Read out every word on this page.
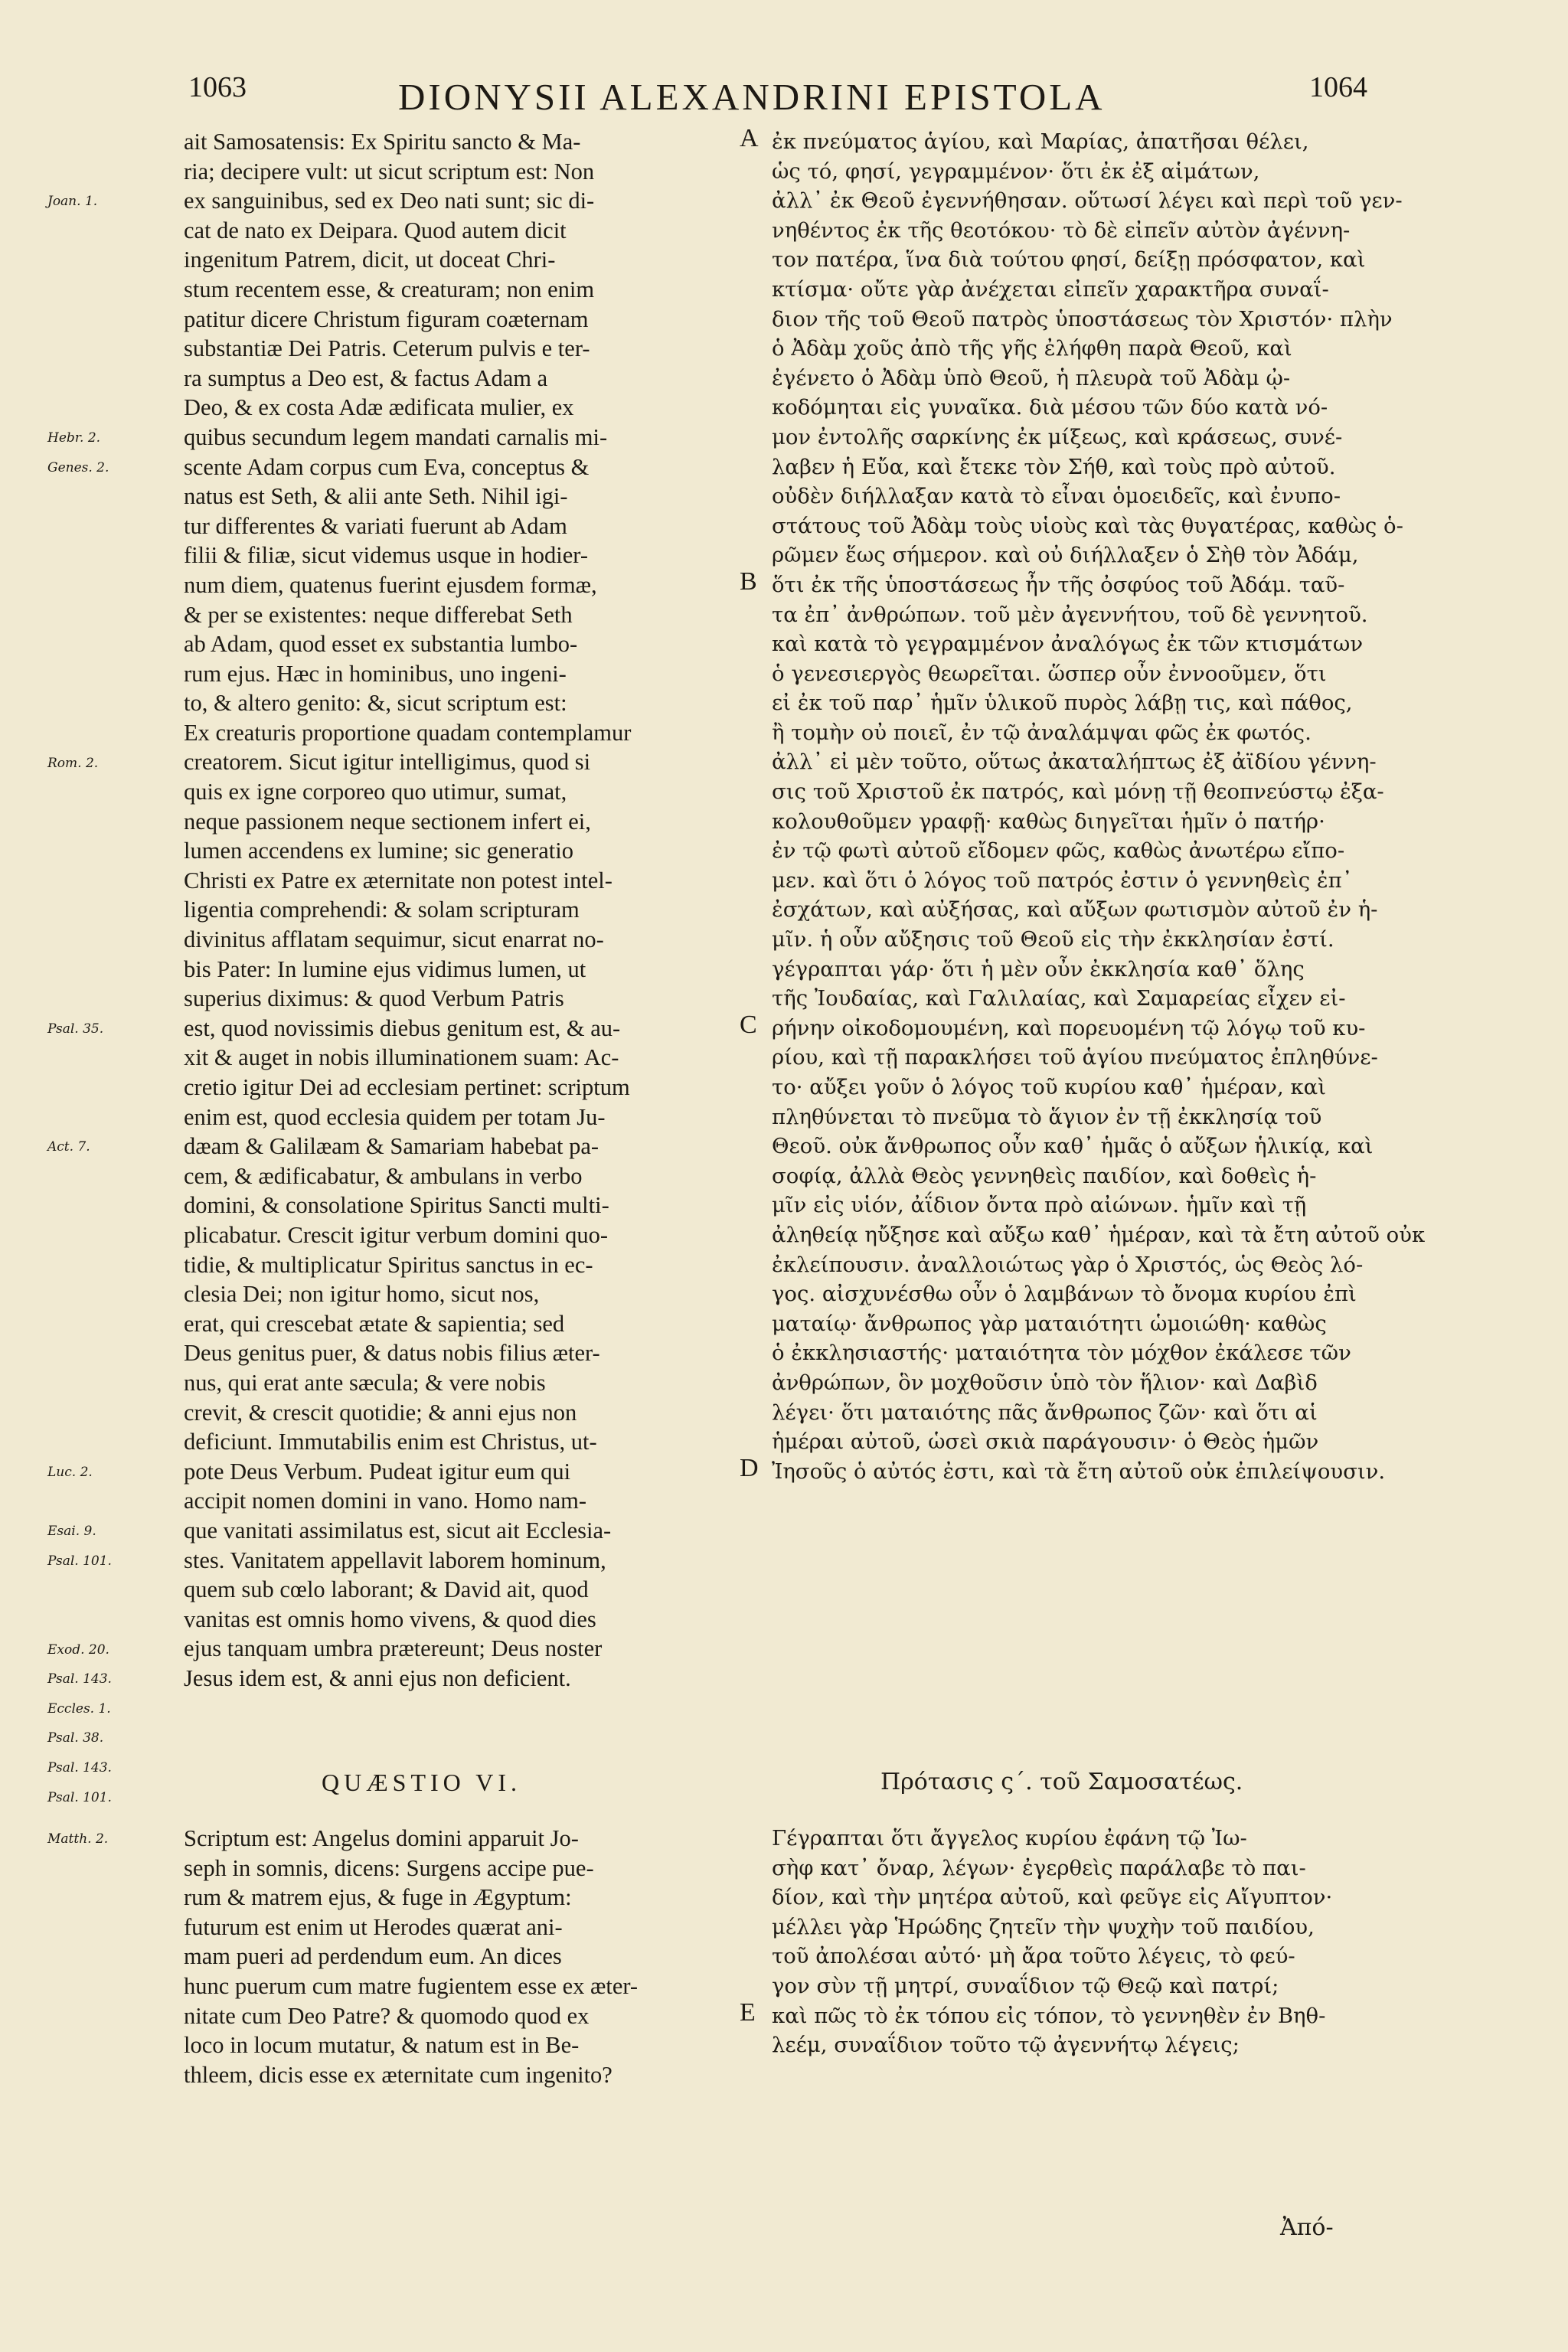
1063	DIONYSII ALEXANDRINI EPISTOLA	1064
Joan. 1.
Hebr. 2.
Genes. 2.
Rom. 2.
Psal. 35.
Act. 7.
Luc. 2.
Esai. 9.
Psal. 101.
Exod. 20.
Psal. 143.
Eccles. 1.
Psal. 38.
Psal. 143.
Psal. 101.
Matth. 2.
A
B
C
D
E
ait Samosatensis: Ex Spiritu sancto & Ma-
ria; decipere vult: ut sicut scriptum est: Non
ex sanguinibus, sed ex Deo nati sunt; sic di-
cat de nato ex Deipara. Quod autem dicit
ingenitum Patrem, dicit, ut doceat Chri-
stum recentem esse, & creaturam; non enim
patitur dicere Christum figuram coæternam
substantiæ Dei Patris. Ceterum pulvis e ter-
ra sumptus a Deo est, & factus Adam a
Deo, & ex costa Adæ ædificata mulier, ex
quibus secundum legem mandati carnalis mi-
scente Adam corpus cum Eva, conceptus &
natus est Seth, & alii ante Seth. Nihil igi-
tur differentes & variati fuerunt ab Adam
filii & filiæ, sicut videmus usque in hodier-
num diem, quatenus fuerint ejusdem formæ,
& per se existentes: neque differebat Seth
ab Adam, quod esset ex substantia lumbo-
rum ejus. Hæc in hominibus, uno ingeni-
to, & altero genito: &, sicut scriptum est:
Ex creaturis proportione quadam contemplamur
creatorem. Sicut igitur intelligimus, quod si
quis ex igne corporeo quo utimur, sumat,
neque passionem neque sectionem infert ei,
lumen accendens ex lumine; sic generatio
Christi ex Patre ex æternitate non potest intel-
ligentia comprehendi: & solam scripturam
divinitus afflatam sequimur, sicut enarrat no-
bis Pater: In lumine ejus vidimus lumen, ut
superius diximus: & quod Verbum Patris
est, quod novissimis diebus genitum est, & au-
xit & auget in nobis illuminationem suam: Ac-
cretio igitur Dei ad ecclesiam pertinet: scriptum
enim est, quod ecclesia quidem per totam Ju-
dæam & Galilæam & Samariam habebat pa-
cem, & ædificabatur, & ambulans in verbo
domini, & consolatione Spiritus Sancti multi-
plicabatur. Crescit igitur verbum domini quo-
tidie, & multiplicatur Spiritus sanctus in ec-
clesia Dei; non igitur homo, sicut nos,
erat, qui crescebat ætate & sapientia; sed
Deus genitus puer, & datus nobis filius æter-
nus, qui erat ante sæcula; & vere nobis
crevit, & crescit quotidie; & anni ejus non
deficiunt. Immutabilis enim est Christus, ut-
pote Deus Verbum. Pudeat igitur eum qui
accipit nomen domini in vano. Homo nam-
que vanitati assimilatus est, sicut ait Ecclesia-
stes. Vanitatem appellavit laborem hominum,
quem sub cœlo laborant; & David ait, quod
vanitas est omnis homo vivens, & quod dies
ejus tanquam umbra prætereunt; Deus noster
Jesus idem est, & anni ejus non deficient.
ἐκ πνεύματος ἁγίου, καὶ Μαρίας, ἀπατῆσαι θέλει,
ὡς τό, φησί, γεγραμμένον· ὅτι ἐκ ἐξ αἱμάτων,
ἀλλ᾽ ἐκ Θεοῦ ἐγεννήθησαν. οὕτωσί λέγει καὶ περὶ τοῦ γεν-
νηθέντος ἐκ τῆς θεοτόκου· τὸ δὲ εἰπεῖν αὐτὸν ἀγέννη-
τον πατέρα, ἵνα διὰ τούτου φησί, δείξῃ πρόσφατον, καὶ
κτίσμα· οὔτε γὰρ ἀνέχεται εἰπεῖν χαρακτῆρα συναΐ-
διον τῆς τοῦ Θεοῦ πατρὸς ὑποστάσεως τὸν Χριστόν· πλὴν
ὁ Ἀδὰμ χοῦς ἀπὸ τῆς γῆς ἐλήφθη παρὰ Θεοῦ, καὶ
ἐγένετο ὁ Ἀδὰμ ὑπὸ Θεοῦ, ἡ πλευρὰ τοῦ Ἀδὰμ ᾠ-
κοδόμηται εἰς γυναῖκα. διὰ μέσου τῶν δύο κατὰ νό-
μον ἐντολῆς σαρκίνης ἐκ μίξεως, καὶ κράσεως, συνέ-
λαβεν ἡ Εὔα, καὶ ἔτεκε τὸν Σήθ, καὶ τοὺς πρὸ αὐτοῦ.
οὐδὲν διήλλαξαν κατὰ τὸ εἶναι ὁμοειδεῖς, καὶ ἐνυπο-
στάτους τοῦ Ἀδὰμ τοὺς υἱοὺς καὶ τὰς θυγατέρας, καθὼς ὁ-
ρῶμεν ἕως σήμερον. καὶ οὐ διήλλαξεν ὁ Σὴθ τὸν Ἀδάμ,
ὅτι ἐκ τῆς ὑποστάσεως ἦν τῆς ὀσφύος τοῦ Ἀδάμ. ταῦ-
τα ἐπ᾽ ἀνθρώπων. τοῦ μὲν ἀγεννήτου, τοῦ δὲ γεννητοῦ.
καὶ κατὰ τὸ γεγραμμένον ἀναλόγως ἐκ τῶν κτισμάτων
ὁ γενεσιεργὸς θεωρεῖται. ὥσπερ οὖν ἐννοοῦμεν, ὅτι
εἰ ἐκ τοῦ παρ᾽ ἡμῖν ὑλικοῦ πυρὸς λάβῃ τις, καὶ πάθος,
ἢ τομὴν οὐ ποιεῖ, ἐν τῷ ἀναλάμψαι φῶς ἐκ φωτός.
ἀλλ᾽ εἰ μὲν τοῦτο, οὕτως ἀκαταλήπτως ἐξ ἀϊδίου γέννη-
σις τοῦ Χριστοῦ ἐκ πατρός, καὶ μόνῃ τῇ θεοπνεύστῳ ἐξα-
κολουθοῦμεν γραφῇ· καθὼς διηγεῖται ἡμῖν ὁ πατήρ·
ἐν τῷ φωτὶ αὐτοῦ εἴδομεν φῶς, καθὼς ἀνωτέρω εἴπο-
μεν. καὶ ὅτι ὁ λόγος τοῦ πατρός ἐστιν ὁ γεννηθεὶς ἐπ᾽
ἐσχάτων, καὶ αὐξήσας, καὶ αὔξων φωτισμὸν αὐτοῦ ἐν ἡ-
μῖν. ἡ οὖν αὔξησις τοῦ Θεοῦ εἰς τὴν ἐκκλησίαν ἐστί.
γέγραπται γάρ· ὅτι ἡ μὲν οὖν ἐκκλησία καθ᾽ ὅλης
τῆς Ἰουδαίας, καὶ Γαλιλαίας, καὶ Σαμαρείας εἶχεν εἰ-
ρήνην οἰκοδομουμένη, καὶ πορευομένη τῷ λόγῳ τοῦ κυ-
ρίου, καὶ τῇ παρακλήσει τοῦ ἁγίου πνεύματος ἐπληθύνε-
το· αὔξει γοῦν ὁ λόγος τοῦ κυρίου καθ᾽ ἡμέραν, καὶ
πληθύνεται τὸ πνεῦμα τὸ ἅγιον ἐν τῇ ἐκκλησίᾳ τοῦ
Θεοῦ. οὐκ ἄνθρωπος οὖν καθ᾽ ἡμᾶς ὁ αὔξων ἡλικίᾳ, καὶ
σοφίᾳ, ἀλλὰ Θεὸς γεννηθεὶς παιδίον, καὶ δοθεὶς ἡ-
μῖν εἰς υἱόν, ἀΐδιον ὄντα πρὸ αἰώνων. ἡμῖν καὶ τῇ
ἀληθείᾳ ηὔξησε καὶ αὔξω καθ᾽ ἡμέραν, καὶ τὰ ἔτη αὐτοῦ οὐκ
ἐκλείπουσιν. ἀναλλοιώτως γὰρ ὁ Χριστός, ὡς Θεὸς λό-
γος. αἰσχυνέσθω οὖν ὁ λαμβάνων τὸ ὄνομα κυρίου ἐπὶ
ματαίῳ· ἄνθρωπος γὰρ ματαιότητι ὡμοιώθη· καθὼς
ὁ ἐκκλησιαστής· ματαιότητα τὸν μόχθον ἐκάλεσε τῶν
ἀνθρώπων, ὃν μοχθοῦσιν ὑπὸ τὸν ἥλιον· καὶ Δαβὶδ
λέγει· ὅτι ματαιότης πᾶς ἄνθρωπος ζῶν· καὶ ὅτι αἱ
ἡμέραι αὐτοῦ, ὡσεὶ σκιὰ παράγουσιν· ὁ Θεὸς ἡμῶν
Ἰησοῦς ὁ αὐτός ἐστι, καὶ τὰ ἔτη αὐτοῦ οὐκ ἐπιλείψουσιν.
QUÆSTIO VI.	Πρότασις ς´. τοῦ Σαμοσατέως.
Scriptum est: Angelus domini apparuit Jo-
seph in somnis, dicens: Surgens accipe pue-
rum & matrem ejus, & fuge in Ægyptum:
futurum est enim ut Herodes quærat ani-
mam pueri ad perdendum eum. An dices
hunc puerum cum matre fugientem esse ex æter-
nitate cum Deo Patre? & quomodo quod ex
loco in locum mutatur, & natum est in Be-
thleem, dicis esse ex æternitate cum ingenito?
Γέγραπται ὅτι ἄγγελος κυρίου ἐφάνη τῷ Ἰω-
σὴφ κατ᾽ ὄναρ, λέγων· ἐγερθεὶς παράλαβε τὸ παι-
δίον, καὶ τὴν μητέρα αὐτοῦ, καὶ φεῦγε εἰς Αἴγυπτον·
μέλλει γὰρ Ἡρώδης ζητεῖν τὴν ψυχὴν τοῦ παιδίου,
τοῦ ἀπολέσαι αὐτό· μὴ ἄρα τοῦτο λέγεις, τὸ φεύ-
γον σὺν τῇ μητρί, συναΐδιον τῷ Θεῷ καὶ πατρί;
καὶ πῶς τὸ ἐκ τόπου εἰς τόπον, τὸ γεννηθὲν ἐν Βηθ-
λεέμ, συναΐδιον τοῦτο τῷ ἀγεννήτῳ λέγεις;
Ἀπό-
